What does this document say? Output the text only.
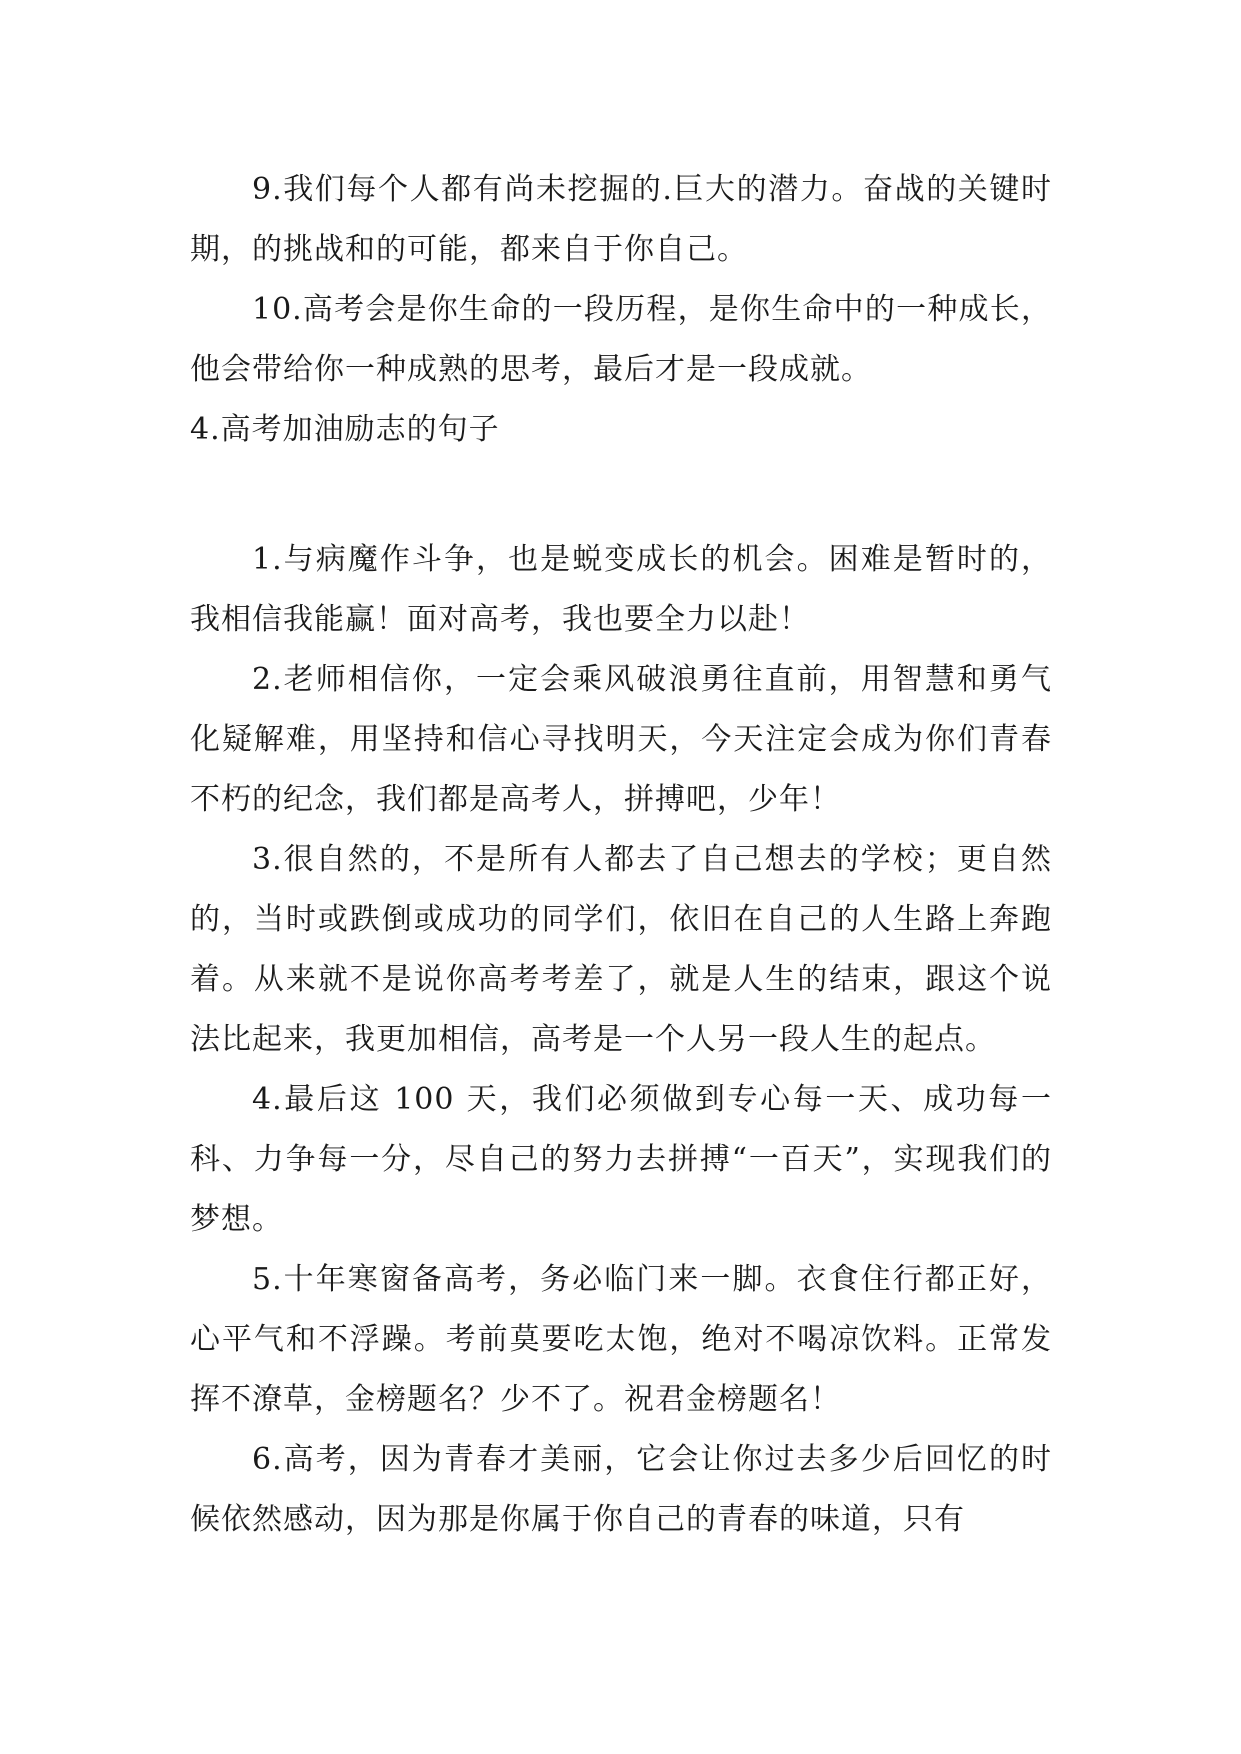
9.我们每个人都有尚未挖掘的.巨大的潜力。奋战的关键时期，的挑战和的可能，都来自于你自己。

10.高考会是你生命的一段历程，是你生命中的一种成长，他会带给你一种成熟的思考，最后才是一段成就。

4.高考加油励志的句子

1.与病魔作斗争，也是蜕变成长的机会。困难是暂时的，我相信我能赢！面对高考，我也要全力以赴！

2.老师相信你，一定会乘风破浪勇往直前，用智慧和勇气化疑解难，用坚持和信心寻找明天，今天注定会成为你们青春不朽的纪念，我们都是高考人，拼搏吧，少年！

3.很自然的，不是所有人都去了自己想去的学校；更自然的，当时或跌倒或成功的同学们，依旧在自己的人生路上奔跑着。从来就不是说你高考考差了，就是人生的结束，跟这个说法比起来，我更加相信，高考是一个人另一段人生的起点。

4.最后这 100 天，我们必须做到专心每一天、成功每一科、力争每一分，尽自己的努力去拼搏“一百天”，实现我们的梦想。

5.十年寒窗备高考，务必临门来一脚。衣食住行都正好，心平气和不浮躁。考前莫要吃太饱，绝对不喝凉饮料。正常发挥不潦草，金榜题名？少不了。祝君金榜题名！

6.高考，因为青春才美丽，它会让你过去多少后回忆的时候依然感动，因为那是你属于你自己的青春的味道，只有
